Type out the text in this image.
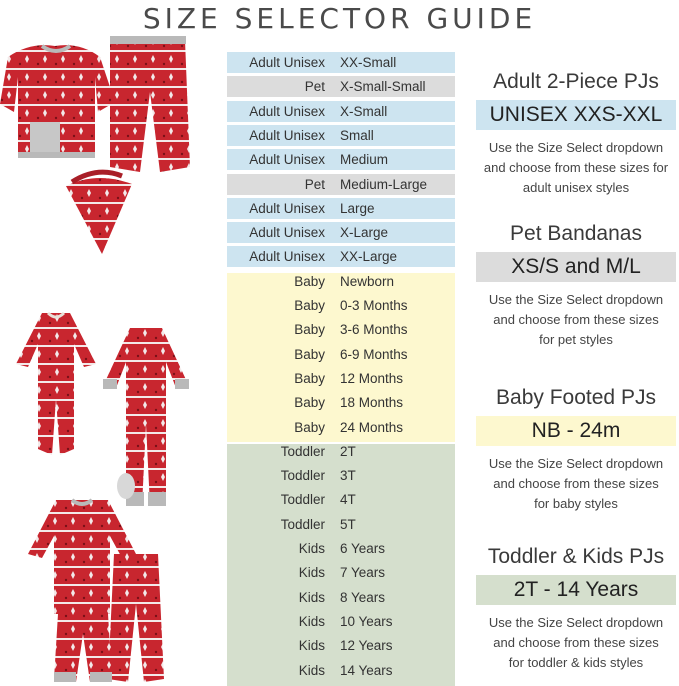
SIZE SELECTOR GUIDE
Adult Unisex XX-Small
Pet X-Small-Small
Adult Unisex X-Small
Adult Unisex Small
Adult Unisex Medium
Pet Medium-Large
Adult Unisex Large
Adult Unisex X-Large
Adult Unisex XX-Large
Baby Newborn
Baby 0-3 Months
Baby 3-6 Months
Baby 6-9 Months
Baby 12 Months
Baby 18 Months
Baby 24 Months
Toddler 2T
Toddler 3T
Toddler 4T
Toddler 5T
Kids 6 Years
Kids 7 Years
Kids 8 Years
Kids 10 Years
Kids 12 Years
Kids 14 Years
Adult 2-Piece PJs
UNISEX XXS-XXL
Use the Size Select dropdown
and choose from these sizes for
adult unisex styles
Pet Bandanas
XS/S and M/L
Use the Size Select dropdown
and choose from these sizes
for pet styles
Baby Footed PJs
NB - 24m
Use the Size Select dropdown
and choose from these sizes
for baby styles
Toddler & Kids PJs
2T - 14 Years
Use the Size Select dropdown
and choose from these sizes
for toddler & kids styles
